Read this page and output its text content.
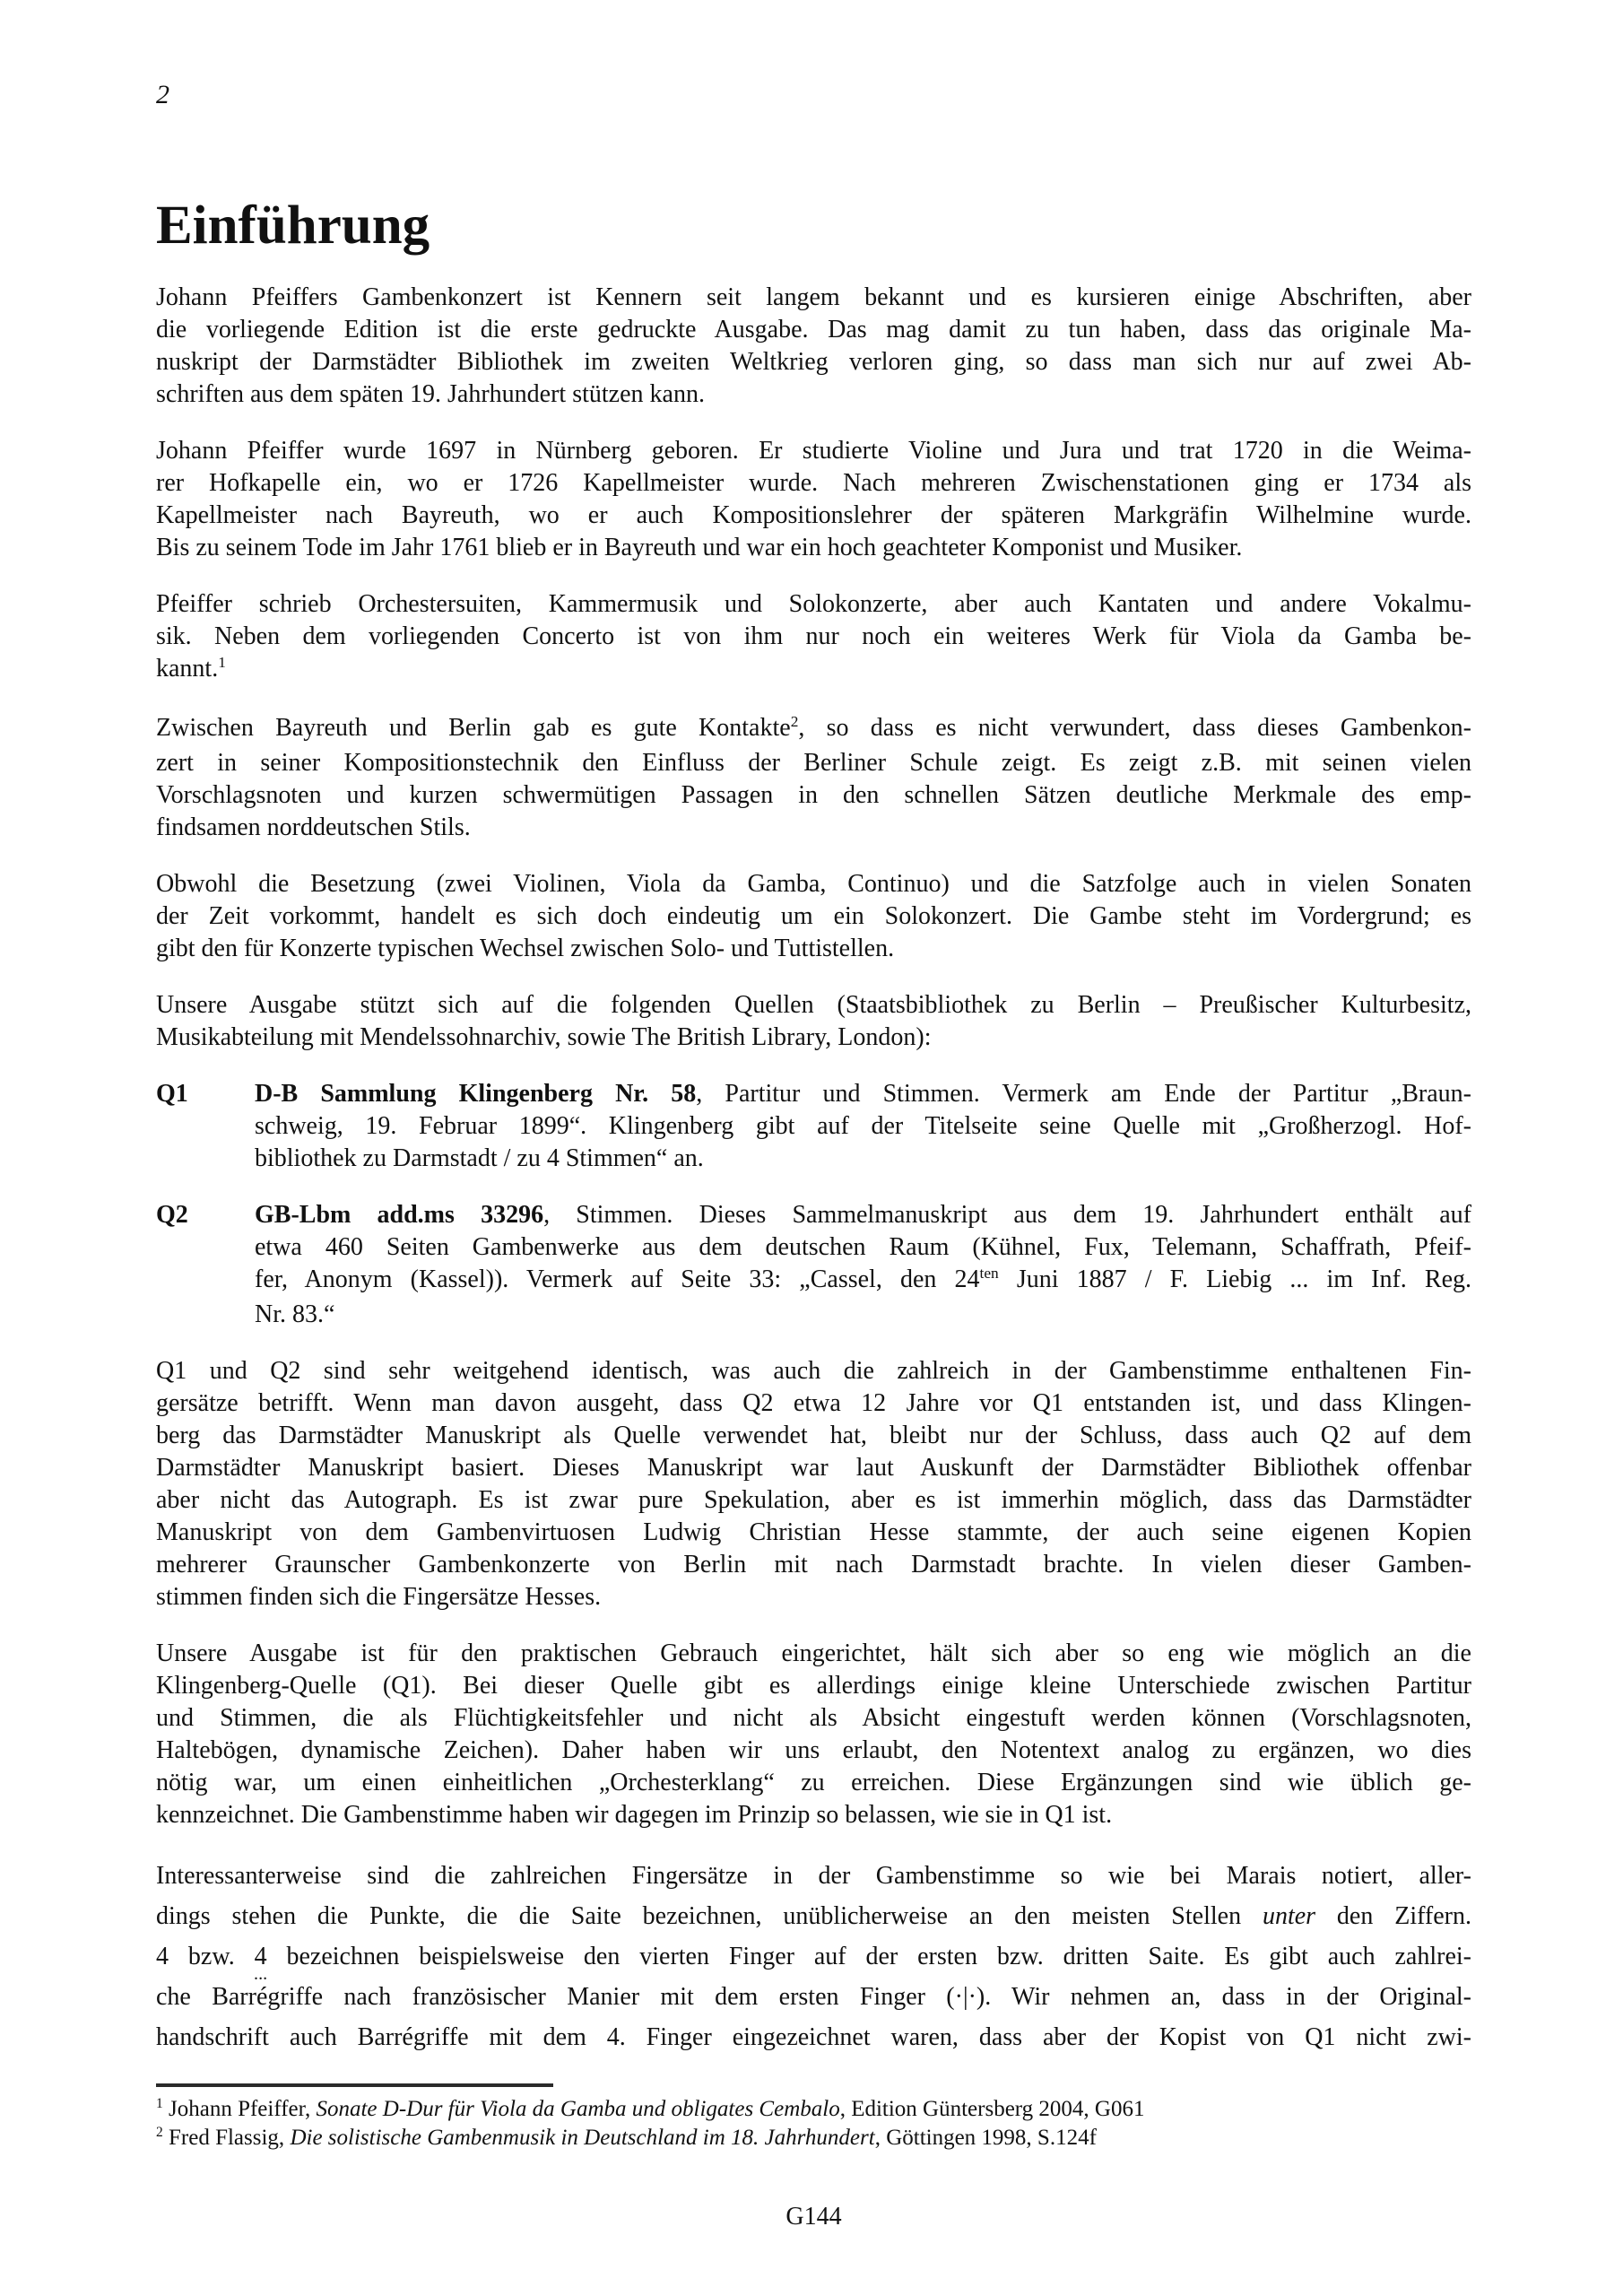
2
Einführung
Johann Pfeiffers Gambenkonzert ist Kennern seit langem bekannt und es kursieren einige Abschriften, aber
die vorliegende Edition ist die erste gedruckte Ausgabe. Das mag damit zu tun haben, dass das originale Ma-
nuskript der Darmstädter Bibliothek im zweiten Weltkrieg verloren ging, so dass man sich nur auf zwei Ab-
schriften aus dem späten 19. Jahrhundert stützen kann.
Johann Pfeiffer wurde 1697 in Nürnberg geboren. Er studierte Violine und Jura und trat 1720 in die Weima-
rer Hofkapelle ein, wo er 1726 Kapellmeister wurde. Nach mehreren Zwischenstationen ging er 1734 als
Kapellmeister nach Bayreuth, wo er auch Kompositionslehrer der späteren Markgräfin Wilhelmine wurde.
Bis zu seinem Tode im Jahr 1761 blieb er in Bayreuth und war ein hoch geachteter Komponist und Musiker.
Pfeiffer schrieb Orchestersuiten, Kammermusik und Solokonzerte, aber auch Kantaten und andere Vokalmu-
sik. Neben dem vorliegenden Concerto ist von ihm nur noch ein weiteres Werk für Viola da Gamba be-
kannt.$^1$
Zwischen Bayreuth und Berlin gab es gute Kontakte$^2$, so dass es nicht verwundert, dass dieses Gambenkon-
zert in seiner Kompositionstechnik den Einfluss der Berliner Schule zeigt. Es zeigt z.B. mit seinen vielen
Vorschlagsnoten und kurzen schwermütigen Passagen in den schnellen Sätzen deutliche Merkmale des emp-
findsamen norddeutschen Stils.
Obwohl die Besetzung (zwei Violinen, Viola da Gamba, Continuo) und die Satzfolge auch in vielen Sonaten
der Zeit vorkommt, handelt es sich doch eindeutig um ein Solokonzert. Die Gambe steht im Vordergrund; es
gibt den für Konzerte typischen Wechsel zwischen Solo- und Tuttistellen.
Unsere Ausgabe stützt sich auf die folgenden Quellen (Staatsbibliothek zu Berlin – Preußischer Kulturbesitz,
Musikabteilung mit Mendelssohnarchiv, sowie The British Library, London):
Q1	D-B Sammlung Klingenberg Nr. 58, Partitur und Stimmen. Vermerk am Ende der Partitur „Braun-
schweig, 19. Februar 1899“. Klingenberg gibt auf der Titelseite seine Quelle mit „Großherzogl. Hof-
bibliothek zu Darmstadt / zu 4 Stimmen“ an.
Q2	GB-Lbm add.ms 33296, Stimmen. Dieses Sammelmanuskript aus dem 19. Jahrhundert enthält auf
etwa 460 Seiten Gambenwerke aus dem deutschen Raum (Kühnel, Fux, Telemann, Schaffrath, Pfeif-
fer, Anonym (Kassel)). Vermerk auf Seite 33: „Cassel, den $24^{ten}$ Juni 1887 / F. Liebig ... im Inf. Reg.
Nr. 83.“
Q1 und Q2 sind sehr weitgehend identisch, was auch die zahlreich in der Gambenstimme enthaltenen Fin-
gersätze betrifft. Wenn man davon ausgeht, dass Q2 etwa 12 Jahre vor Q1 entstanden ist, und dass Klingen-
berg das Darmstädter Manuskript als Quelle verwendet hat, bleibt nur der Schluss, dass auch Q2 auf dem
Darmstädter Manuskript basiert. Dieses Manuskript war laut Auskunft der Darmstädter Bibliothek offenbar
aber nicht das Autograph. Es ist zwar pure Spekulation, aber es ist immerhin möglich, dass das Darmstädter
Manuskript von dem Gambenvirtuosen Ludwig Christian Hesse stammte, der auch seine eigenen Kopien
mehrerer Graunscher Gambenkonzerte von Berlin mit nach Darmstadt brachte. In vielen dieser Gamben-
stimmen finden sich die Fingersätze Hesses.
Unsere Ausgabe ist für den praktischen Gebrauch eingerichtet, hält sich aber so eng wie möglich an die
Klingenberg-Quelle (Q1). Bei dieser Quelle gibt es allerdings einige kleine Unterschiede zwischen Partitur
und Stimmen, die als Flüchtigkeitsfehler und nicht als Absicht eingestuft werden können (Vorschlagsnoten,
Haltebögen, dynamische Zeichen). Daher haben wir uns erlaubt, den Notentext analog zu ergänzen, wo dies
nötig war, um einen einheitlichen „Orchesterklang“ zu erreichen. Diese Ergänzungen sind wie üblich ge-
kennzeichnet. Die Gambenstimme haben wir dagegen im Prinzip so belassen, wie sie in Q1 ist.
Interessanterweise sind die zahlreichen Fingersätze in der Gambenstimme so wie bei Marais notiert, aller-
dings stehen die Punkte, die die Saite bezeichnen, unüblicherweise an den meisten Stellen unter den Ziffern.
4 bzw. 4
...
bezeichnen beispielsweise den vierten Finger auf der ersten bzw. dritten Saite. Es gibt auch zahlrei-
che Barrégriffe nach französischer Manier mit dem ersten Finger (·|·). Wir nehmen an, dass in der Original-
handschrift auch Barrégriffe mit dem 4. Finger eingezeichnet waren, dass aber der Kopist von Q1 nicht zwi-
$^1$ Johann Pfeiffer, Sonate D-Dur für Viola da Gamba und obligates Cembalo, Edition Güntersberg 2004, G061
$^2$ Fred Flassig, Die solistische Gambenmusik in Deutschland im 18. Jahrhundert, Göttingen 1998, S.124f
G144
